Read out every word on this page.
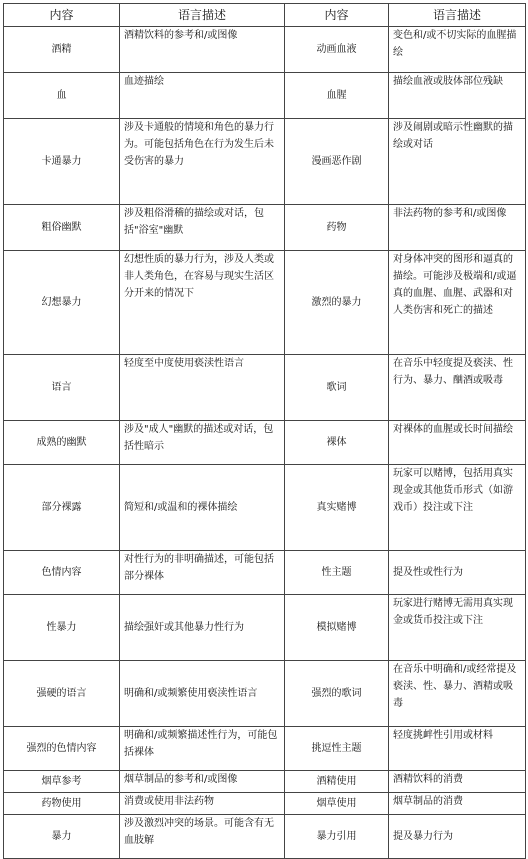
内容	语言描述	内容	语言描述
酒精	酒精饮料的参考和/或图像	动画血液	变色和/或不切实际的血腥描绘
血	血迹描绘	血腥	描绘血液或肢体部位残缺
卡通暴力	涉及卡通般的情境和角色的暴力行为。可能包括角色在行为发生后未受伤害的暴力	漫画恶作剧	涉及闹剧或暗示性幽默的描绘或对话
粗俗幽默	涉及粗俗滑稽的描绘或对话，包括"浴室"幽默	药物	非法药物的参考和/或图像
幻想暴力	幻想性质的暴力行为，涉及人类或非人类角色，在容易与现实生活区分开来的情况下	激烈的暴力	对身体冲突的图形和逼真的描绘。可能涉及极端和/或逼真的血腥、血腥、武器和对人类伤害和死亡的描述
语言	轻度至中度使用亵渎性语言	歌词	在音乐中轻度提及亵渎、性行为、暴力、酗酒或吸毒
成熟的幽默	涉及"成人"幽默的描述或对话，包括性暗示	裸体	对裸体的血腥或长时间描绘
部分裸露	简短和/或温和的裸体描绘	真实赌博	玩家可以赌博，包括用真实现金或其他货币形式（如游戏币）投注或下注
色情内容	对性行为的非明确描述，可能包括部分裸体	性主题	提及性或性行为
性暴力	描绘强奸或其他暴力性行为	模拟赌博	玩家进行赌博无需用真实现金或货币投注或下注
强硬的语言	明确和/或频繁使用亵渎性语言	强烈的歌词	在音乐中明确和/或经常提及亵渎、性、暴力、酒精或吸毒
强烈的色情内容	明确和/或频繁描述性行为，可能包括裸体	挑逗性主题	轻度挑衅性引用或材料
烟草参考	烟草制品的参考和/或图像	酒精使用	酒精饮料的消费
药物使用	消费或使用非法药物	烟草使用	烟草制品的消费
暴力	涉及激烈冲突的场景。可能含有无血肢解	暴力引用	提及暴力行为
